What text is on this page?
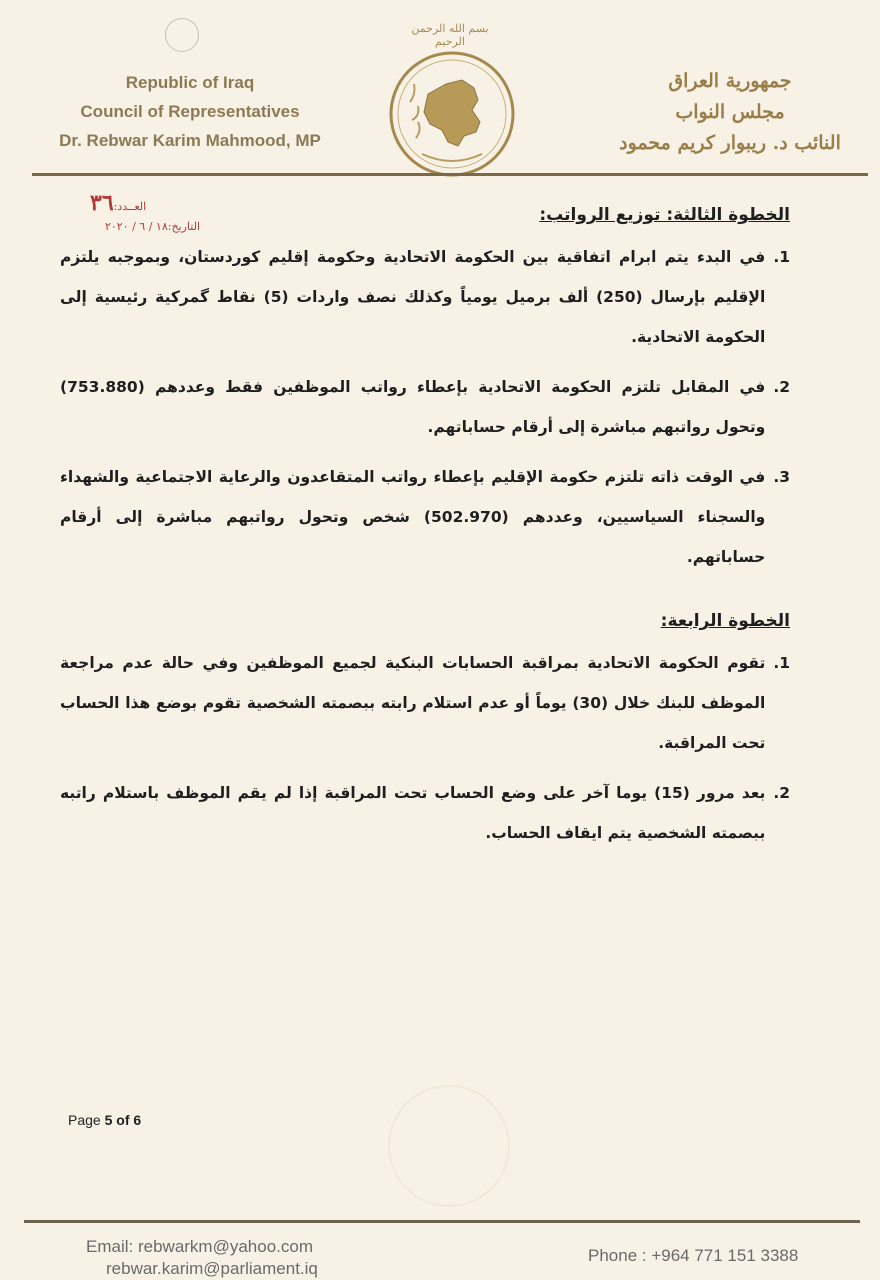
Republic of Iraq
Council of Representatives
Dr. Rebwar Karim Mahmood, MP
بسم الله الرحمن الرحيم
جمهورية العراق
مجلس النواب
النائب د. ريبوار كريم محمود
العــدد:٣٦
التاريخ:١٨ / ٦ / ٢٠٢٠
الخطوة الثالثة: توزيع الرواتب:
1.
في البدء يتم ابرام اتفاقية بين الحكومة الاتحادية وحكومة إقليم كوردستان، وبموجبه يلتزم الإقليم بإرسال (250) ألف برميل يومياً وكذلك نصف واردات (5) نقاط گمركية رئيسية إلى الحكومة الاتحادية.
2.
في المقابل تلتزم الحكومة الاتحادية بإعطاء رواتب الموظفين فقط وعددهم (753.880) وتحول رواتبهم مباشرة إلى أرقام حساباتهم.
3.
في الوقت ذاته تلتزم حكومة الإقليم بإعطاء رواتب المتقاعدون والرعاية الاجتماعية والشهداء والسجناء السياسيين، وعددهم (502.970) شخص وتحول رواتبهم مباشرة إلى أرقام حساباتهم.
الخطوة الرابعة:
1.
تقوم الحكومة الاتحادية بمراقبة الحسابات البنكية لجميع الموظفين وفي حالة عدم مراجعة الموظف للبنك خلال (30) يوماً أو عدم استلام رابته ببصمته الشخصية تقوم بوضع هذا الحساب تحت المراقبة.
2.
بعد مرور (15) يوما آخر على وضع الحساب تحت المراقبة إذا لم يقم الموظف باستلام راتبه ببصمته الشخصية يتم ايقاف الحساب.
Page 5 of 6
Email: rebwarkm@yahoo.com
rebwar.karim@parliament.iq
Phone : +964 771 151 3388
